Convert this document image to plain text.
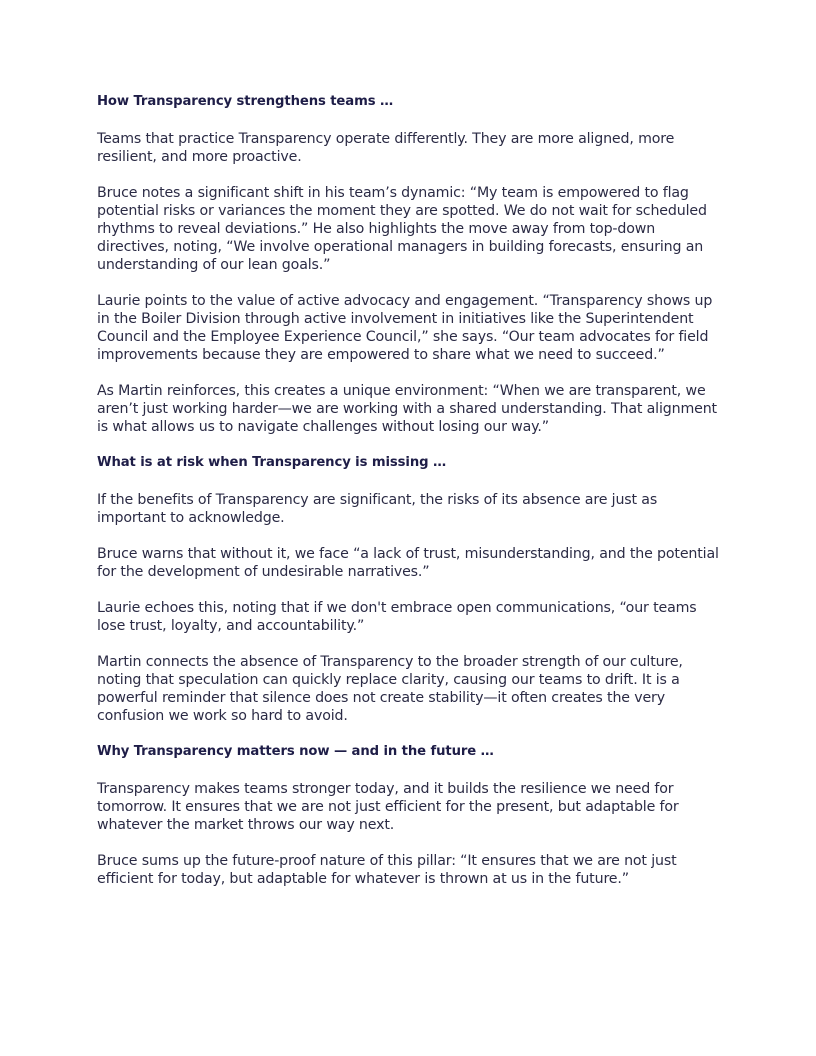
How Transparency strengthens teams …

Teams that practice Transparency operate differently. They are more aligned, more resilient, and more proactive.

Bruce notes a significant shift in his team’s dynamic: “My team is empowered to flag potential risks or variances the moment they are spotted. We do not wait for scheduled rhythms to reveal deviations.” He also highlights the move away from top-down directives, noting, “We involve operational managers in building forecasts, ensuring an understanding of our lean goals.”

Laurie points to the value of active advocacy and engagement. “Transparency shows up in the Boiler Division through active involvement in initiatives like the Superintendent Council and the Employee Experience Council,” she says. “Our team advocates for field improvements because they are empowered to share what we need to succeed.”

As Martin reinforces, this creates a unique environment: “When we are transparent, we aren’t just working harder—we are working with a shared understanding. That alignment is what allows us to navigate challenges without losing our way.”

What is at risk when Transparency is missing …

If the benefits of Transparency are significant, the risks of its absence are just as important to acknowledge.

Bruce warns that without it, we face “a lack of trust, misunderstanding, and the potential for the development of undesirable narratives.”

Laurie echoes this, noting that if we don't embrace open communications, “our teams lose trust, loyalty, and accountability.”

Martin connects the absence of Transparency to the broader strength of our culture, noting that speculation can quickly replace clarity, causing our teams to drift. It is a powerful reminder that silence does not create stability—it often creates the very confusion we work so hard to avoid.

Why Transparency matters now — and in the future …

Transparency makes teams stronger today, and it builds the resilience we need for tomorrow. It ensures that we are not just efficient for the present, but adaptable for whatever the market throws our way next.

Bruce sums up the future-proof nature of this pillar: “It ensures that we are not just efficient for today, but adaptable for whatever is thrown at us in the future.”
